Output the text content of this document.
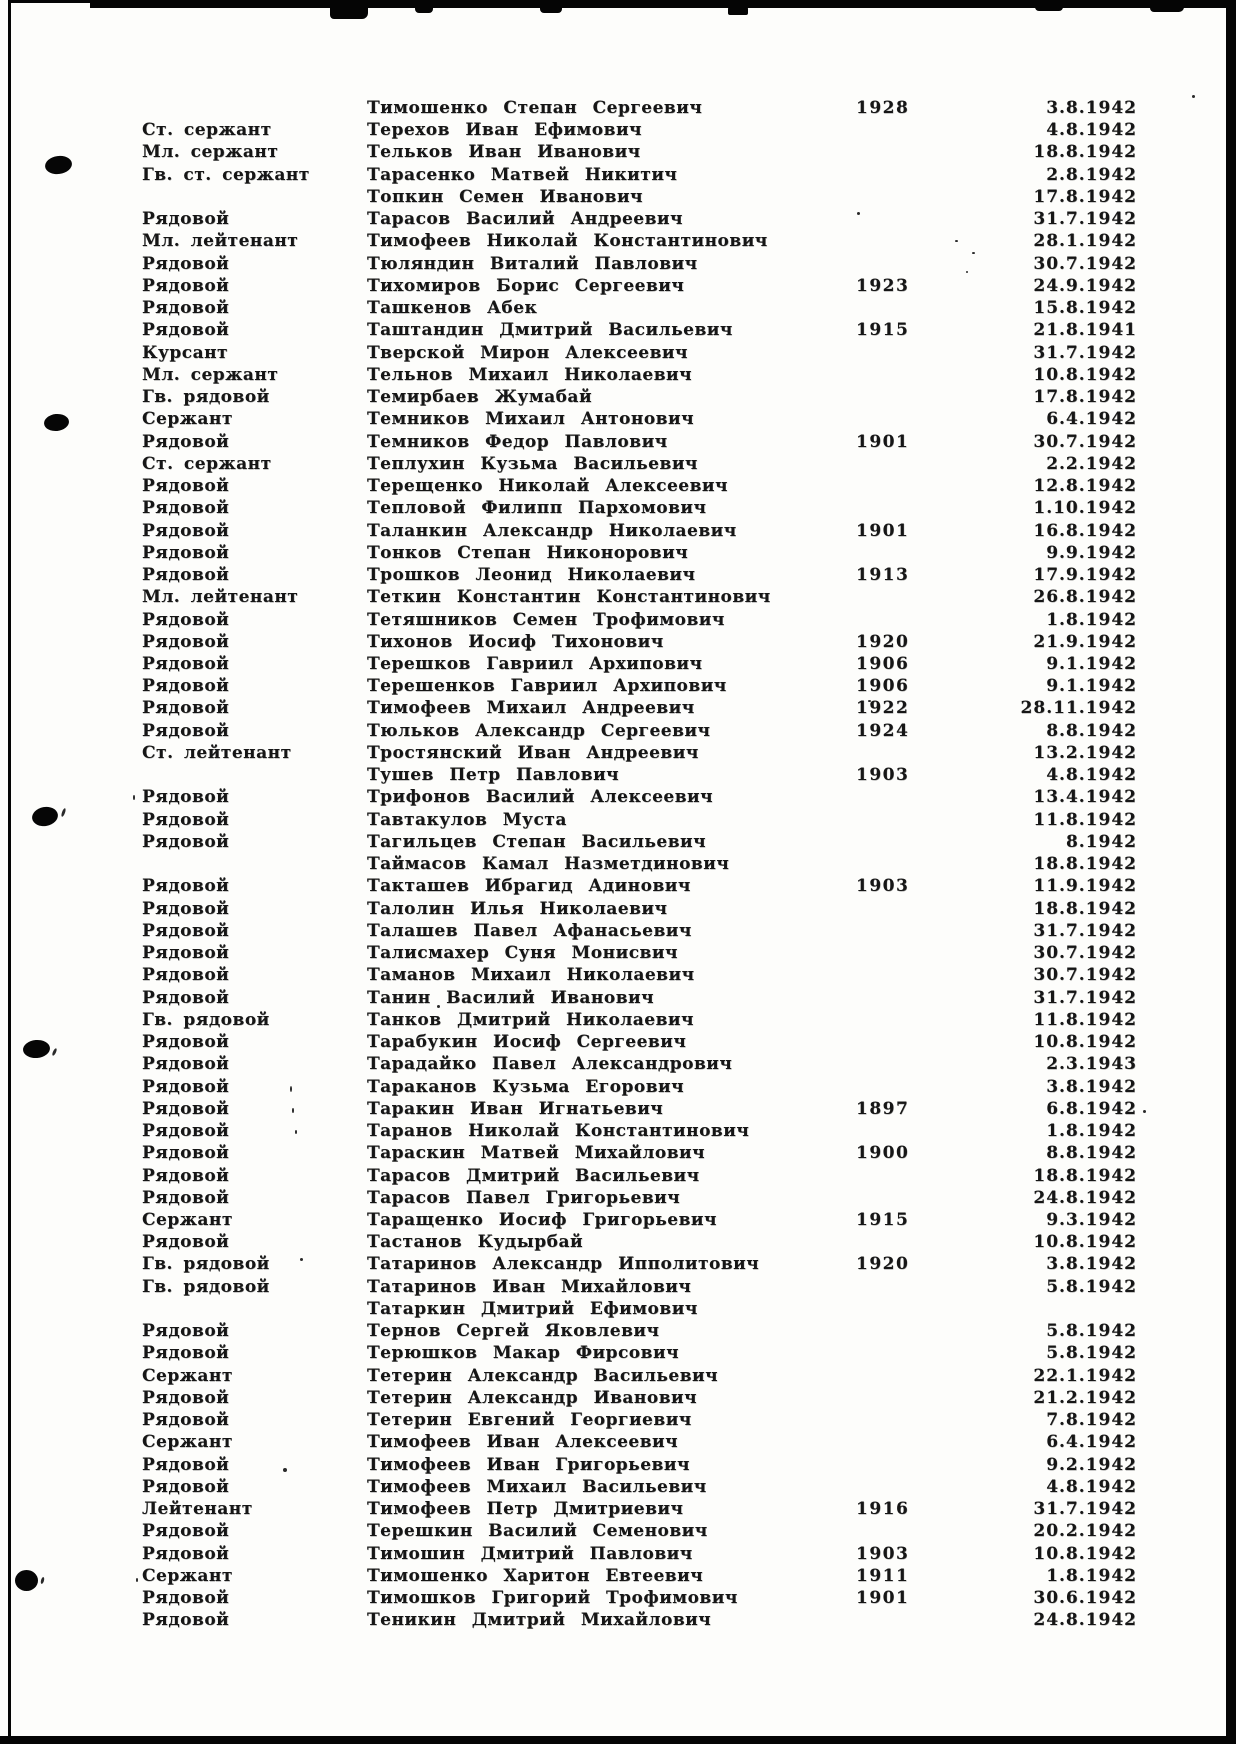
Тимошенко Степан Сергеевич	1928	3.8.1942
Ст. сержант	Терехов Иван Ефимович	4.8.1942
Мл. сержант	Тельков Иван Иванович	18.8.1942
Гв. ст. сержант	Тарасенко Матвей Никитич	2.8.1942
Топкин Семен Иванович	17.8.1942
Рядовой	Тарасов Василий Андреевич	31.7.1942
Мл. лейтенант	Тимофеев Николай Константинович	28.1.1942
Рядовой	Тюляндин Виталий Павлович	30.7.1942
Рядовой	Тихомиров Борис Сергеевич	1923	24.9.1942
Рядовой	Ташкенов Абек	15.8.1942
Рядовой	Таштандин Дмитрий Васильевич	1915	21.8.1941
Курсант	Тверской Мирон Алексеевич	31.7.1942
Мл. сержант	Тельнов Михаил Николаевич	10.8.1942
Гв. рядовой	Темирбаев Жумабай	17.8.1942
Сержант	Темников Михаил Антонович	6.4.1942
Рядовой	Темников Федор Павлович	1901	30.7.1942
Ст. сержант	Теплухин Кузьма Васильевич	2.2.1942
Рядовой	Терещенко Николай Алексеевич	12.8.1942
Рядовой	Тепловой Филипп Пархомович	1.10.1942
Рядовой	Таланкин Александр Николаевич	1901	16.8.1942
Рядовой	Тонков Степан Никонорович	9.9.1942
Рядовой	Трошков Леонид Николаевич	1913	17.9.1942
Мл. лейтенант	Теткин Константин Константинович	26.8.1942
Рядовой	Тетяшников Семен Трофимович	1.8.1942
Рядовой	Тихонов Иосиф Тихонович	1920	21.9.1942
Рядовой	Терешков Гавриил Архипович	1906	9.1.1942
Рядовой	Терешенков Гавриил Архипович	1906	9.1.1942
Рядовой	Тимофеев Михаил Андреевич	1922	28.11.1942
Рядовой	Тюльков Александр Сергеевич	1924	8.8.1942
Ст. лейтенант	Тростянский Иван Андреевич	13.2.1942
Тушев Петр Павлович	1903	4.8.1942
Рядовой	Трифонов Василий Алексеевич	13.4.1942
Рядовой	Тавтакулов Муста	11.8.1942
Рядовой	Тагильцев Степан Васильевич	8.1942
Таймасов Камал Назметдинович	18.8.1942
Рядовой	Такташев Ибрагид Адинович	1903	11.9.1942
Рядовой	Талолин Илья Николаевич	18.8.1942
Рядовой	Талашев Павел Афанасьевич	31.7.1942
Рядовой	Талисмахер Суня Монисвич	30.7.1942
Рядовой	Таманов Михаил Николаевич	30.7.1942
Рядовой	Танин Василий Иванович	31.7.1942
Гв. рядовой	Танков Дмитрий Николаевич	11.8.1942
Рядовой	Тарабукин Иосиф Сергеевич	10.8.1942
Рядовой	Тарадайко Павел Александрович	2.3.1943
Рядовой	Тараканов Кузьма Егорович	3.8.1942
Рядовой	Таракин Иван Игнатьевич	1897	6.8.1942
Рядовой	Таранов Николай Константинович	1.8.1942
Рядовой	Тараскин Матвей Михайлович	1900	8.8.1942
Рядовой	Тарасов Дмитрий Васильевич	18.8.1942
Рядовой	Тарасов Павел Григорьевич	24.8.1942
Сержант	Таращенко Иосиф Григорьевич	1915	9.3.1942
Рядовой	Тастанов Кудырбай	10.8.1942
Гв. рядовой	Татаринов Александр Ипполитович	1920	3.8.1942
Гв. рядовой	Татаринов Иван Михайлович	5.8.1942
Татаркин Дмитрий Ефимович
Рядовой	Тернов Сергей Яковлевич	5.8.1942
Рядовой	Терюшков Макар Фирсович	5.8.1942
Сержант	Тетерин Александр Васильевич	22.1.1942
Рядовой	Тетерин Александр Иванович	21.2.1942
Рядовой	Тетерин Евгений Георгиевич	7.8.1942
Сержант	Тимофеев Иван Алексеевич	6.4.1942
Рядовой	Тимофеев Иван Григорьевич	9.2.1942
Рядовой	Тимофеев Михаил Васильевич	4.8.1942
Лейтенант	Тимофеев Петр Дмитриевич	1916	31.7.1942
Рядовой	Терешкин Василий Семенович	20.2.1942
Рядовой	Тимошин Дмитрий Павлович	1903	10.8.1942
Сержант	Тимошенко Харитон Евтеевич	1911	1.8.1942
Рядовой	Тимошков Григорий Трофимович	1901	30.6.1942
Рядовой	Теникин Дмитрий Михайлович	24.8.1942
